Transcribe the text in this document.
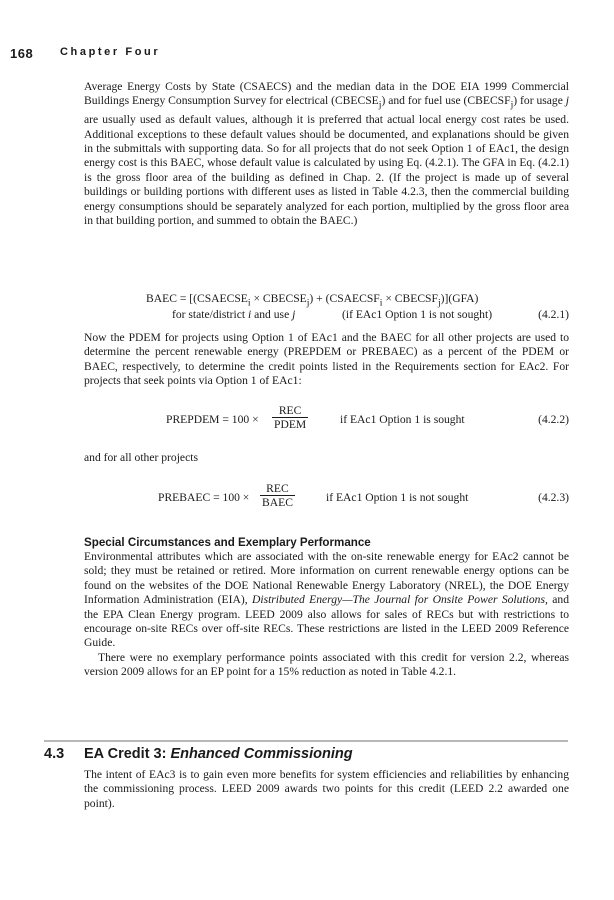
168	Chapter Four

Average Energy Costs by State (CSAECS) and the median data in the DOE EIA 1999 Commercial Buildings Energy Consumption Survey for electrical $(CBECSE_j)$ and for fuel use $(CBECSF_j)$ for usage j are usually used as default values, although it is preferred that actual local energy cost rates be used. Additional exceptions to these default values should be documented, and explanations should be given in the submittals with supporting data. So for all projects that do not seek Option 1 of EAc1, the design energy cost is this BAEC, whose default value is calculated by using Eq. (4.2.1). The GFA in Eq. (4.2.1) is the gross floor area of the building as defined in Chap. 2. (If the project is made up of several buildings or building portions with different uses as listed in Table 4.2.3, then the commercial building energy consumptions should be separately analyzed for each portion, multiplied by the gross floor area in that building portion, and summed to obtain the BAEC.)

BAEC = [($CSAECSE_i$ × $CBECSE_j$) + ($CSAECSF_i$ × $CBECSF_j)](GFA)$
for state/district i and use j	(if EAc1 Option 1 is not sought)	(4.2.1)

Now the PDEM for projects using Option 1 of EAc1 and the BAEC for all other projects are used to determine the percent renewable energy (PREPDEM or PREBAEC) as a percent of the PDEM or BAEC, respectively, to determine the credit points listed in the Requirements section for EAc2. For projects that seek points via Option 1 of EAc1:

PREPDEM = 100 ×
REC
PDEM	if EAc1 Option 1 is sought	(4.2.2)

and for all other projects

PREBAEC = 100 ×
REC
BAEC	if EAc1 Option 1 is not sought	(4.2.3)
Special Circumstances and Exemplary Performance

Environmental attributes which are associated with the on-site renewable energy for EAc2 cannot be sold; they must be retained or retired. More information on current renewable energy options can be found on the websites of the DOE National Renewable Energy Laboratory (NREL), the DOE Energy Information Administration (EIA), Distributed Energy—The Journal for Onsite Power Solutions, and the EPA Clean Energy program. LEED 2009 also allows for sales of RECs but with restrictions to encourage on-site RECs over off-site RECs. These restrictions are listed in the LEED 2009 Reference Guide.

There were no exemplary performance points associated with this credit for version 2.2, whereas version 2009 allows for an EP point for a 15% reduction as noted in Table 4.2.1.

4.3 EA Credit 3: Enhanced Commissioning

The intent of EAc3 is to gain even more benefits for system efficiencies and reliabilities by enhancing the commissioning process. LEED 2009 awards two points for this credit (LEED 2.2 awarded one point).
